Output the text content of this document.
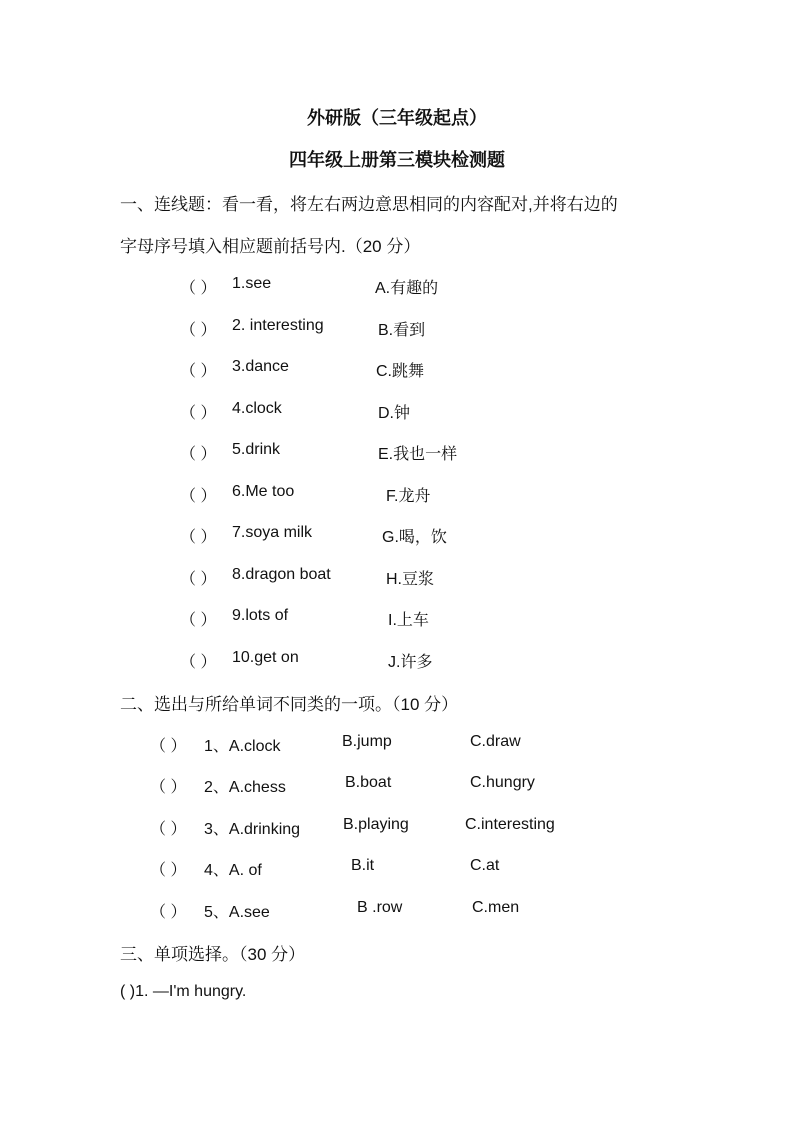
外研版（三年级起点）
四年级上册第三模块检测题
一、连线题：看一看，将左右两边意思相同的内容配对,并将右边的
字母序号填入相应题前括号内.（20 分）
（ ） 1.see	A.有趣的
（ ） 2. interesting	B.看到
（ ） 3.dance	C.跳舞
（ ） 4.clock	D.钟
（ ） 5.drink	E.我也一样
（ ） 6.Me too	F.龙舟
（ ） 7.soya milk	G.喝，饮
（ ） 8.dragon boat	H.豆浆
（ ） 9.lots of	I.上车
（ ） 10.get on	J.许多
二、选出与所给单词不同类的一项。（10 分）
（ ） 1、A.clock	B.jump	C.draw
（ ） 2、A.chess	B.boat	C.hungry
（ ） 3、A.drinking	B.playing	C.interesting
（ ） 4、A. of	B.it	C.at
（ ） 5、A.see	B .row	C.men
三、单项选择。（30 分）
( )1. —I'm hungry.
